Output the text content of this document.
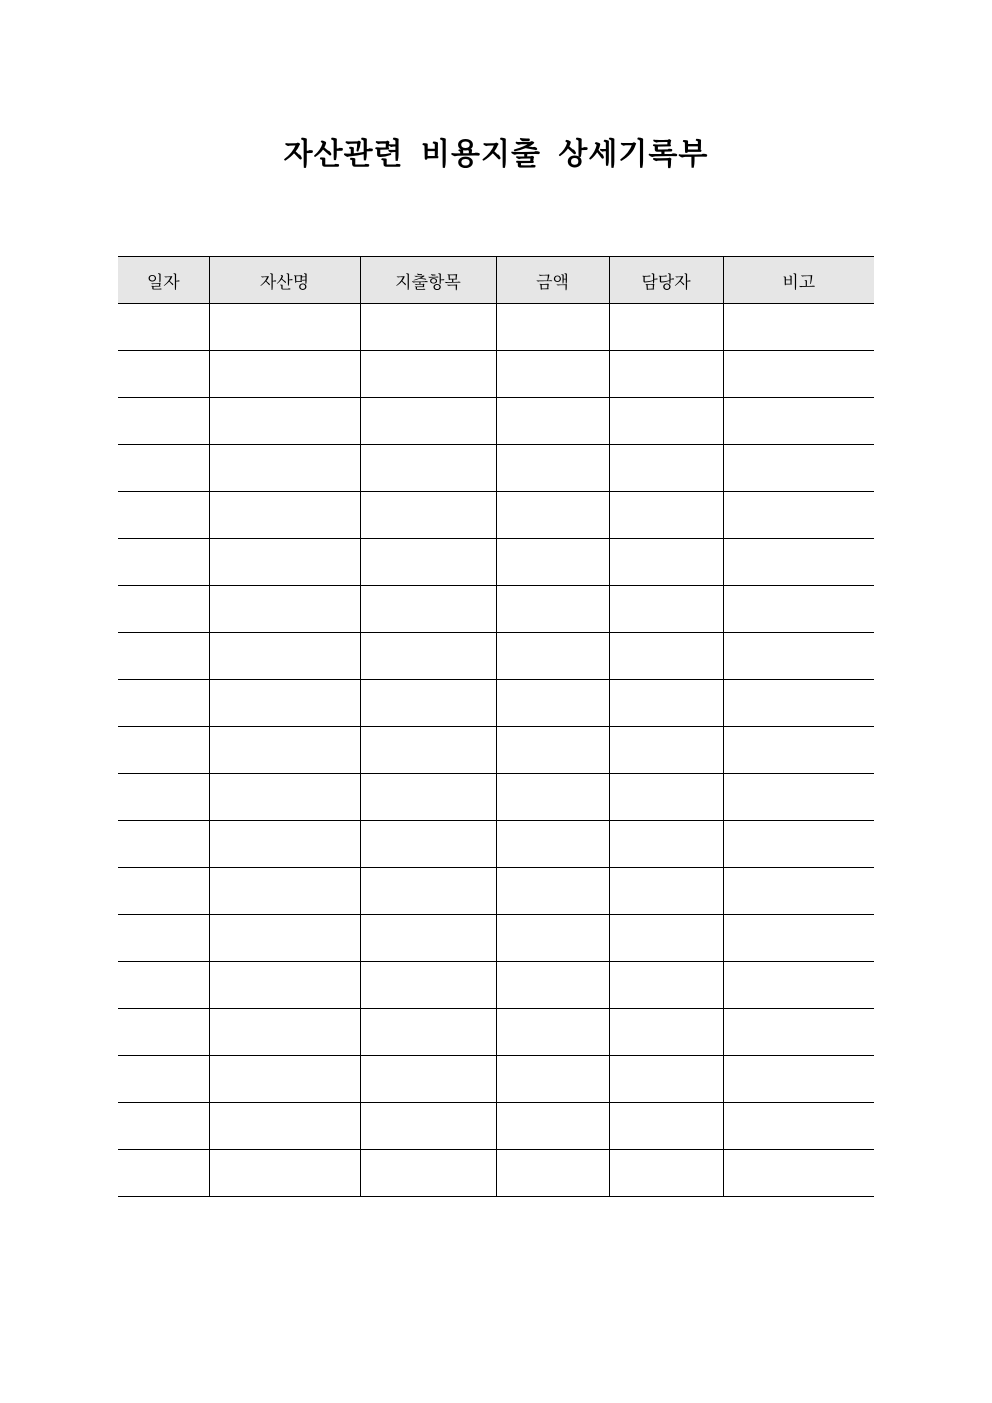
자산관련 비용지출 상세기록부
일자	자산명	지출항목	금액	담당자	비고
